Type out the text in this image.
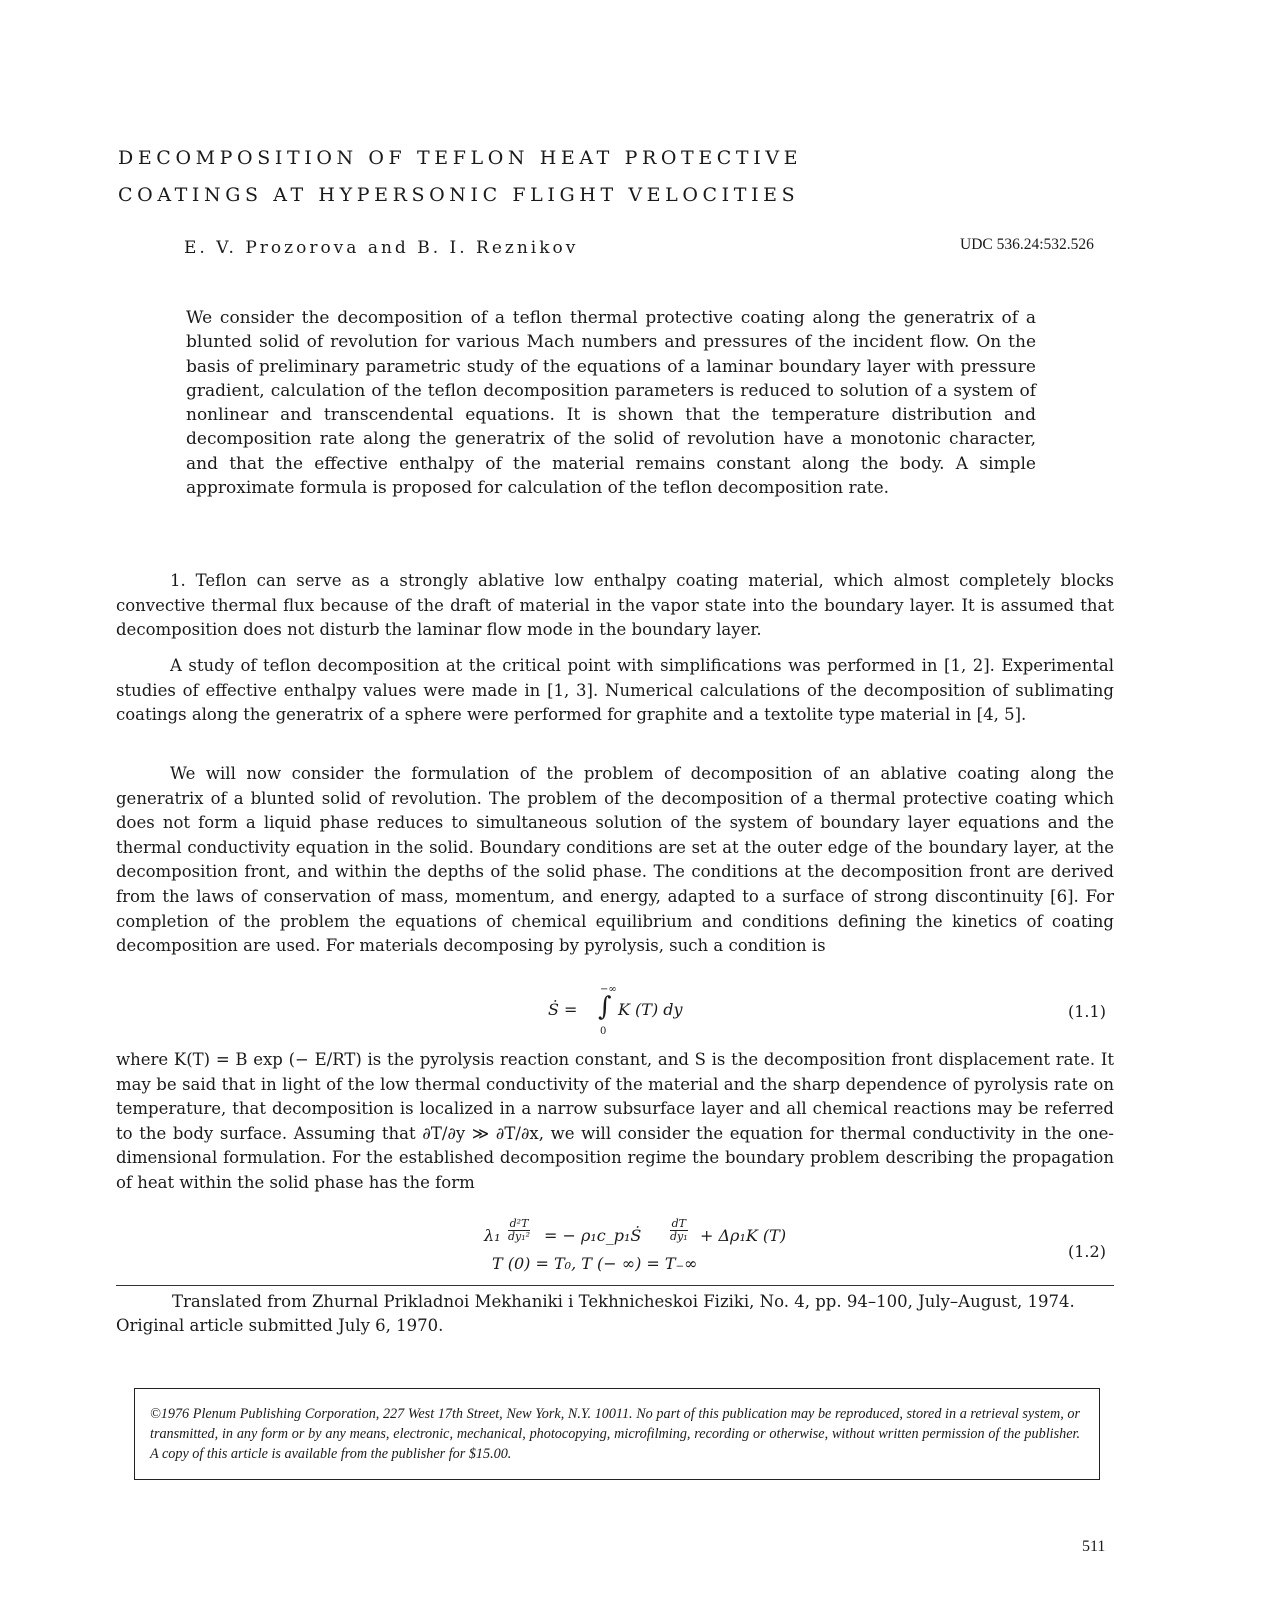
DECOMPOSITION OF TEFLON HEAT PROTECTIVE
COATINGS AT HYPERSONIC FLIGHT VELOCITIES
E. V. Prozorova and B. I. Reznikov	UDC 536.24:532.526
We consider the decomposition of a teflon thermal protective coating along the generatrix of a blunted solid of revolution for various Mach numbers and pressures of the incident flow. On the basis of preliminary parametric study of the equations of a laminar boundary layer with pressure gradient, calculation of the teflon decomposition parameters is reduced to solution of a system of nonlinear and transcendental equations. It is shown that the temperature distribution and decomposition rate along the generatrix of the solid of revolution have a monotonic character, and that the effective enthalpy of the material remains constant along the body. A simple approximate formula is proposed for calculation of the teflon decomposition rate.
1. Teflon can serve as a strongly ablative low enthalpy coating material, which almost completely blocks convective thermal flux because of the draft of material in the vapor state into the boundary layer. It is assumed that decomposition does not disturb the laminar flow mode in the boundary layer.
A study of teflon decomposition at the critical point with simplifications was performed in [1, 2]. Experimental studies of effective enthalpy values were made in [1, 3]. Numerical calculations of the decomposition of sublimating coatings along the generatrix of a sphere were performed for graphite and a textolite type material in [4, 5].
We will now consider the formulation of the problem of decomposition of an ablative coating along the generatrix of a blunted solid of revolution. The problem of the decomposition of a thermal protective coating which does not form a liquid phase reduces to simultaneous solution of the system of boundary layer equations and the thermal conductivity equation in the solid. Boundary conditions are set at the outer edge of the boundary layer, at the decomposition front, and within the depths of the solid phase. The conditions at the decomposition front are derived from the laws of conservation of mass, momentum, and energy, adapted to a surface of strong discontinuity [6]. For completion of the problem the equations of chemical equilibrium and conditions defining the kinetics of coating decomposition are used. For materials decomposing by pyrolysis, such a condition is
Ṡ =
−∞
∫
0
K (T) dy	(1.1)
where K(T) = B exp (− E/RT) is the pyrolysis reaction constant, and S is the decomposition front displacement rate. It may be said that in light of the low thermal conductivity of the material and the sharp dependence of pyrolysis rate on temperature, that decomposition is localized in a narrow subsurface layer and all chemical reactions may be referred to the body surface. Assuming that ∂T/∂y ≫ ∂T/∂x, we will consider the equation for thermal conductivity in the one-dimensional formulation. For the established decomposition regime the boundary problem describing the propagation of heat within the solid phase has the form
$\lambda_1 \frac{\text{d²T}}{\text{dy₁²}}$ = − ρ₁c_p₁Ṡ	$\frac{dT}{\text{dy₁}} + \Delta\rho_1K$ (T)
T (0) = T₀, T (− ∞) = T₋∞
(1.2)
Translated from Zhurnal Prikladnoi Mekhaniki i Tekhnicheskoi Fiziki, No. 4, pp. 94–100, July–August, 1974. Original article submitted July 6, 1970.
©1976 Plenum Publishing Corporation, 227 West 17th Street, New York, N.Y. 10011. No part of this publication may be reproduced, stored in a retrieval system, or transmitted, in any form or by any means, electronic, mechanical, photocopying, microfilming, recording or otherwise, without written permission of the publisher. A copy of this article is available from the publisher for $15.00.
511
